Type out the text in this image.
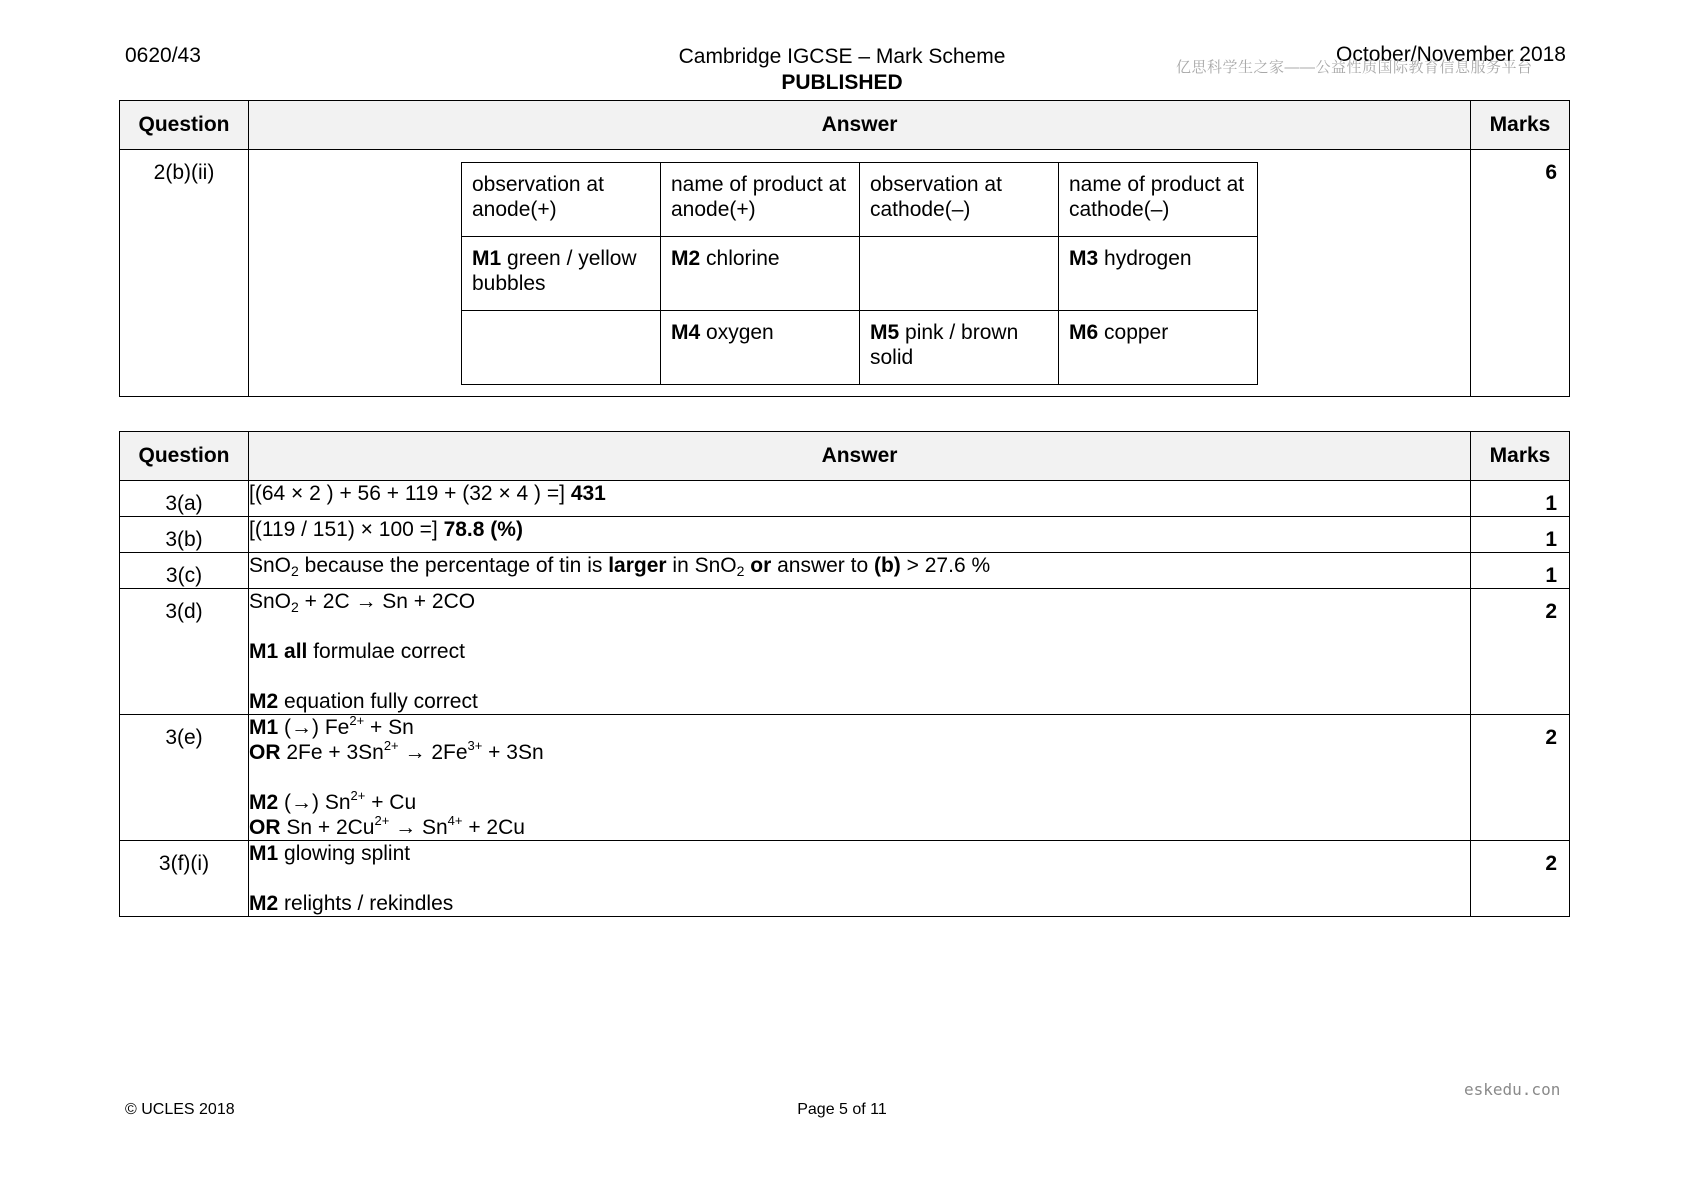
0620/43	Cambridge IGCSE – Mark Scheme
PUBLISHED
October/November 2018
亿思科学生之家——公益性质国际教育信息服务平台
Question	Answer	Marks

2(b)(ii)

observation at anode(+)	name of product at anode(+)	observation at cathode(–)	name of product at cathode(–)
M1 green / yellow bubbles	M2 chlorine		M3 hydrogen
	M4 oxygen	M5 pink / brown solid	M6 copper

6
Question	Answer	Marks

3(a)	[(64 × 2 ) + 56 + 119 + (32 × 4 ) =] 431	1

3(b)	[(119 / 151) × 100 =] 78.8 (%)	1

3(c)	SnO$_2$ because the percentage of tin is larger in SnO$_2$ or answer to (b) > 27.6 %	1

3(d)	SnO$_2$ + 2C → Sn + 2CO
M1 all formulae correct
M2 equation fully correct	2

3(e)	M1 (→) $Fe^{2+} + Sn$
OR $2Fe + 3Sn^{2+} \to 2Fe^{3+} + 3Sn$
M2 (→) $Sn^{2+} + Cu$
OR $Sn + 2Cu^{2+} \to Sn^{4+} + 2Cu$	2

3(f)(i)	M1 glowing splint
M2 relights / rekindles	2
eskedu.con
© UCLES 2018	Page 5 of 11
